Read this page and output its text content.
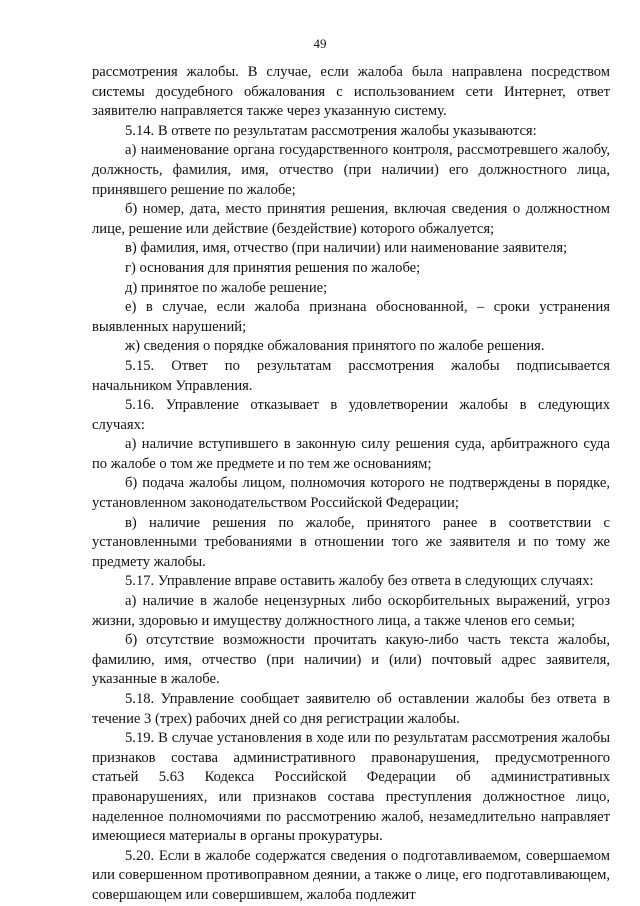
49

рассмотрения жалобы. В случае, если жалоба была направлена посредством системы досудебного обжалования с использованием сети Интернет, ответ заявителю направляется также через указанную систему.

5.14. В ответе по результатам рассмотрения жалобы указываются:

а) наименование органа государственного контроля, рассмотревшего жалобу, должность, фамилия, имя, отчество (при наличии) его должностного лица, принявшего решение по жалобе;

б) номер, дата, место принятия решения, включая сведения о должностном лице, решение или действие (бездействие) которого обжалуется;

в) фамилия, имя, отчество (при наличии) или наименование заявителя;

г) основания для принятия решения по жалобе;

д) принятое по жалобе решение;

е) в случае, если жалоба признана обоснованной, – сроки устранения выявленных нарушений;

ж) сведения о порядке обжалования принятого по жалобе решения.

5.15. Ответ по результатам рассмотрения жалобы подписывается начальником Управления.

5.16. Управление отказывает в удовлетворении жалобы в следующих случаях:

а) наличие вступившего в законную силу решения суда, арбитражного суда по жалобе о том же предмете и по тем же основаниям;

б) подача жалобы лицом, полномочия которого не подтверждены в порядке, установленном законодательством Российской Федерации;

в) наличие решения по жалобе, принятого ранее в соответствии с установленными требованиями в отношении того же заявителя и по тому же предмету жалобы.

5.17. Управление вправе оставить жалобу без ответа в следующих случаях:

а) наличие в жалобе нецензурных либо оскорбительных выражений, угроз жизни, здоровью и имуществу должностного лица, а также членов его семьи;

б) отсутствие возможности прочитать какую-либо часть текста жалобы, фамилию, имя, отчество (при наличии) и (или) почтовый адрес заявителя, указанные в жалобе.

5.18. Управление сообщает заявителю об оставлении жалобы без ответа в течение 3 (трех) рабочих дней со дня регистрации жалобы.

5.19. В случае установления в ходе или по результатам рассмотрения жалобы признаков состава административного правонарушения, предусмотренного статьей 5.63 Кодекса Российской Федерации об административных правонарушениях, или признаков состава преступления должностное лицо, наделенное полномочиями по рассмотрению жалоб, незамедлительно направляет имеющиеся материалы в органы прокуратуры.

5.20. Если в жалобе содержатся сведения о подготавливаемом, совершаемом или совершенном противоправном деянии, а также о лице, его подготавливающем, совершающем или совершившем, жалоба подлежит
